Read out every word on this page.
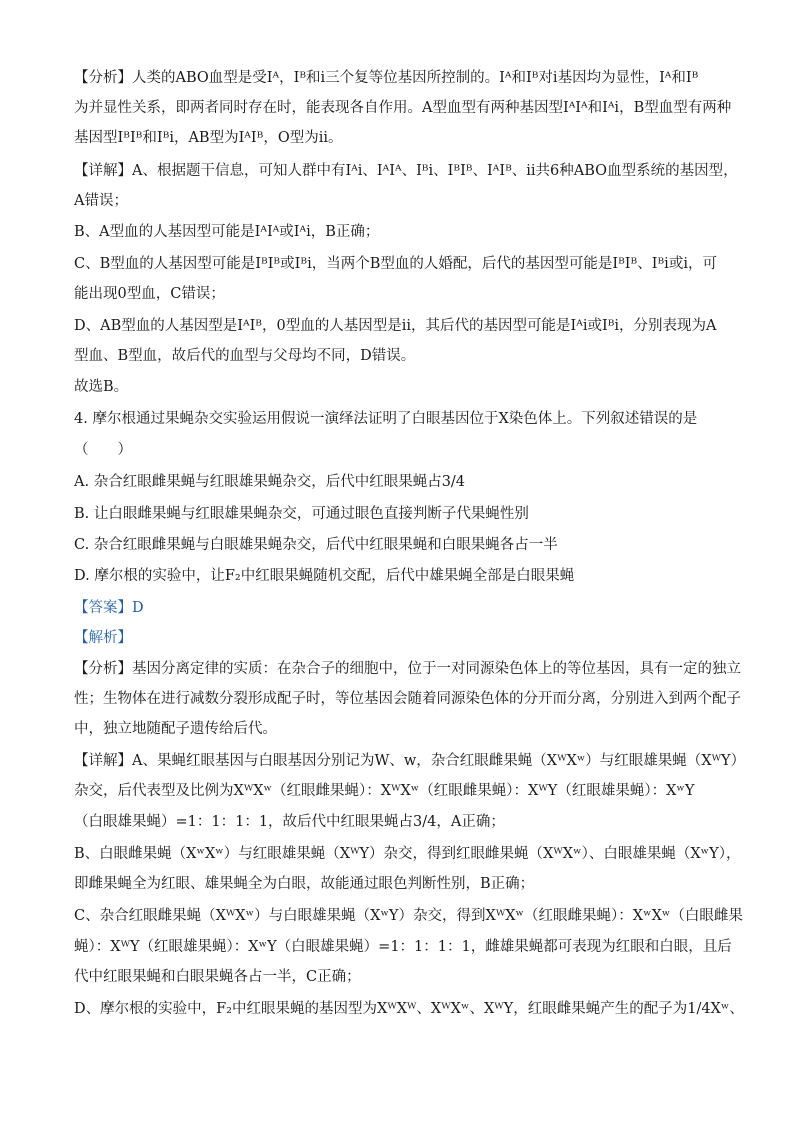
【分析】人类的ABO血型是受Iᴬ，Iᴮ和i三个复等位基因所控制的。Iᴬ和Iᴮ对i基因均为显性，Iᴬ和Iᴮ
为并显性关系，即两者同时存在时，能表现各自作用。A型血型有两种基因型IᴬIᴬ和Iᴬi，B型血型有两种
基因型IᴮIᴮ和Iᴮi，AB型为IᴬIᴮ，O型为ii。
【详解】A、根据题干信息，可知人群中有Iᴬi、IᴬIᴬ、Iᴮi、IᴮIᴮ、IᴬIᴮ、ii共6种ABO血型系统的基因型，
A错误；
B、A型血的人基因型可能是IᴬIᴬ或Iᴬi，B正确；
C、B型血的人基因型可能是IᴮIᴮ或Iᴮi，当两个B型血的人婚配，后代的基因型可能是IᴮIᴮ、Iᴮi或i，可
能出现0型血，C错误；
D、AB型血的人基因型是IᴬIᴮ，0型血的人基因型是ii，其后代的基因型可能是Iᴬi或Iᴮi，分别表现为A
型血、B型血，故后代的血型与父母均不同，D错误。
故选B。
4. 摩尔根通过果蝇杂交实验运用假说一演绎法证明了白眼基因位于X染色体上。下列叙述错误的是
（　　）
A. 杂合红眼雌果蝇与红眼雄果蝇杂交，后代中红眼果蝇占3/4
B. 让白眼雌果蝇与红眼雄果蝇杂交，可通过眼色直接判断子代果蝇性别
C. 杂合红眼雌果蝇与白眼雄果蝇杂交，后代中红眼果蝇和白眼果蝇各占一半
D. 摩尔根的实验中，让F₂中红眼果蝇随机交配，后代中雄果蝇全部是白眼果蝇
【答案】D
【解析】
【分析】基因分离定律的实质：在杂合子的细胞中，位于一对同源染色体上的等位基因，具有一定的独立
性；生物体在进行减数分裂形成配子时，等位基因会随着同源染色体的分开而分离，分别进入到两个配子
中，独立地随配子遗传给后代。
【详解】A、果蝇红眼基因与白眼基因分别记为W、w，杂合红眼雌果蝇（XᵂXʷ）与红眼雄果蝇（XᵂY）
杂交，后代表型及比例为XᵂXʷ（红眼雌果蝇）：XᵂXʷ（红眼雌果蝇）：XᵂY（红眼雄果蝇）：XʷY
（白眼雄果蝇）=1：1：1：1，故后代中红眼果蝇占3/4，A正确；
B、白眼雌果蝇（XʷXʷ）与红眼雄果蝇（XᵂY）杂交，得到红眼雌果蝇（XᵂXʷ）、白眼雄果蝇（XʷY），
即雌果蝇全为红眼、雄果蝇全为白眼，故能通过眼色判断性别，B正确；
C、杂合红眼雌果蝇（XᵂXʷ）与白眼雄果蝇（XʷY）杂交，得到XᵂXʷ（红眼雌果蝇）：XʷXʷ（白眼雌果
蝇）：XᵂY（红眼雄果蝇）：XʷY（白眼雄果蝇）=1：1：1：1，雌雄果蝇都可表现为红眼和白眼，且后
代中红眼果蝇和白眼果蝇各占一半，C正确；
D、摩尔根的实验中，F₂中红眼果蝇的基因型为XᵂXᵂ、XᵂXʷ、XᵂY，红眼雌果蝇产生的配子为1/4Xʷ、
